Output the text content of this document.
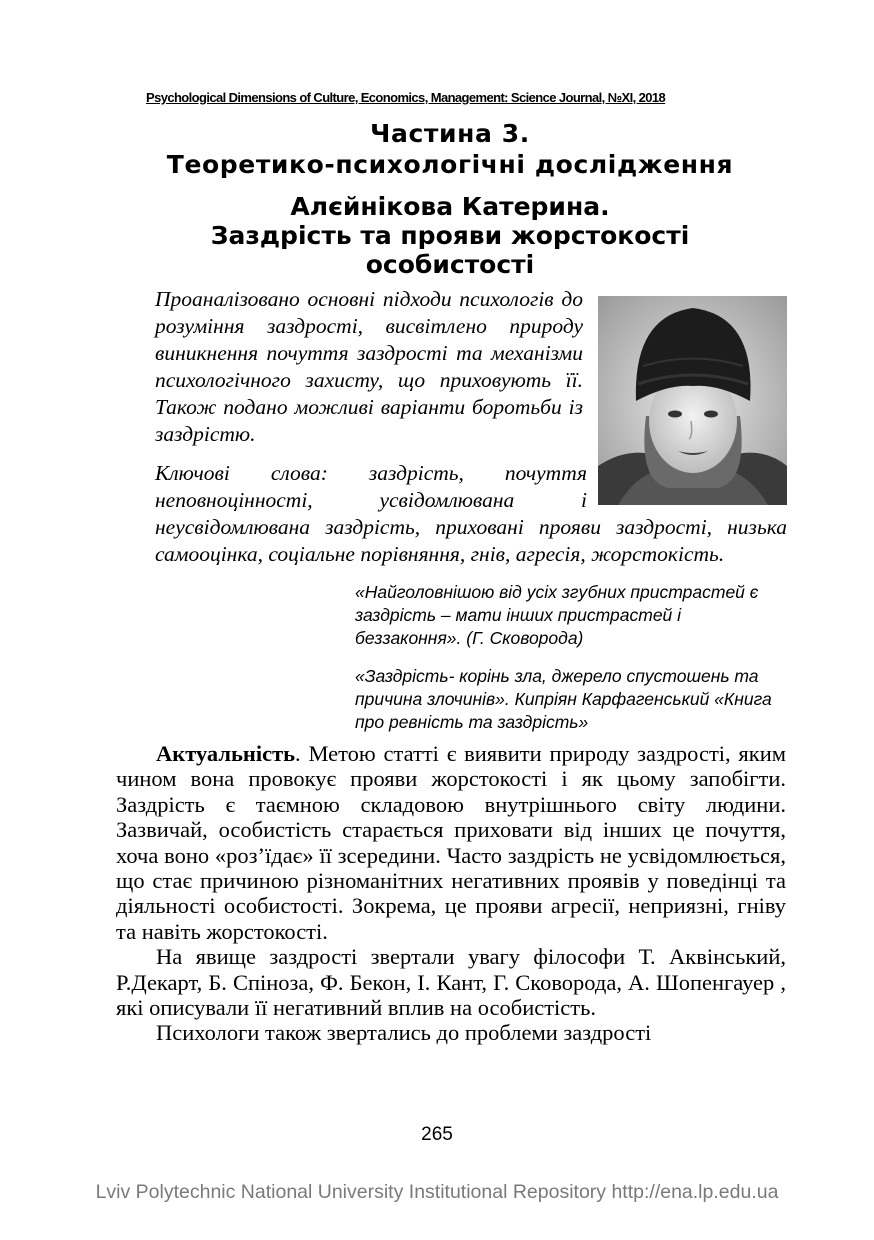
Psychological Dimensions of Culture, Economics, Management: Science Journal, №XI, 2018
Частина 3.
Теоретико-психологічні дослідження
Алєйнікова Катерина.
Заздрість та прояви жорстокості
особистості

Проаналізовано основні підходи психологів до розуміння заздрості, висвітлено природу виникнення почуття заздрості та механізми психологічного захисту, що приховують її. Також подано можливі варіанти боротьби із заздрістю.

Ключові слова: заздрість, почуття неповноцінності, усвідомлювана і неусвідомлювана заздрість, приховані прояви заздрості, низька самооцінка, соціальне порівняння, гнів, агресія, жорстокість.

«Найголовнішою від усіх згубних пристрастей є заздрість – мати інших пристрастей і беззаконня». (Г. Сковорода)

«Заздрість- корінь зла, джерело спустошень та причина злочинів». Кипріян Карфагенський «Книга про ревність та заздрість»

Актуальність. Метою статті є виявити природу заздрості, яким чином вона провокує прояви жорстокості і як цьому запобігти. Заздрість є таємною складовою внутрішнього світу людини. Зазвичай, особистість старається приховати від інших це почуття, хоча воно «роз’їдає» її зсередини. Часто заздрість не усвідомлюється, що стає причиною різноманітних негативних проявів у поведінці та діяльності особистості. Зокрема, це прояви агресії, неприязні, гніву та навіть жорстокості.

На явище заздрості звертали увагу філософи Т. Аквінський, Р.Декарт, Б. Спіноза, Ф. Бекон, І. Кант, Г. Сковорода, А. Шопенгауер , які описували її негативний вплив на особистість.

Психологи також звертались до проблеми заздрості

265
Lviv Polytechnic National University Institutional Repository http://ena.lp.edu.ua
